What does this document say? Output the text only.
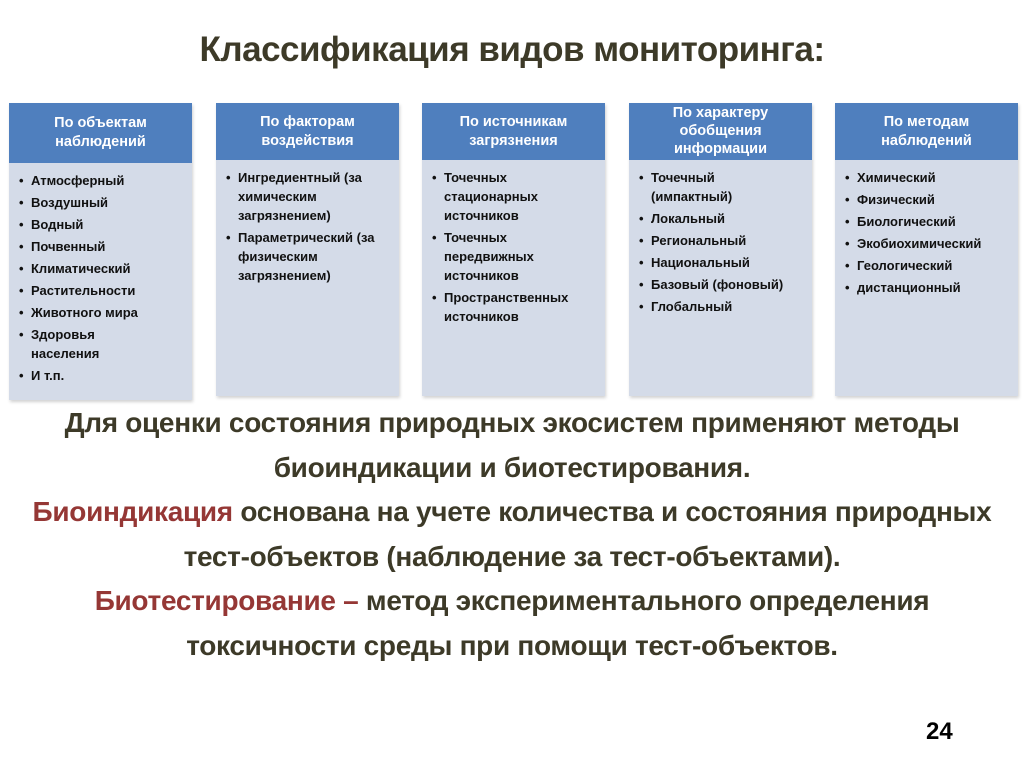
Классификация видов мониторинга:
По объектам наблюдений
• Атмосферный
• Воздушный
• Водный
• Почвенный
• Климатический
• Растительности
• Животного мира
• Здоровья населения
• И т.п.
По факторам воздействия
• Ингредиентный (за химическим загрязнением)
• Параметрический (за физическим загрязнением)
По источникам загрязнения
• Точечных стационарных источников
• Точечных передвижных источников
• Пространственных источников
По характеру обобщения информации
• Точечный (импактный)
• Локальный
• Региональный
• Национальный
• Базовый (фоновый)
• Глобальный
По методам наблюдений
• Химический
• Физический
• Биологический
• Экобиохимический
• Геологический
• дистанционный

Для оценки состояния природных экосистем применяют методы биоиндикации и биотестирования.

Биоиндикация основана на учете количества и состояния природных тест-объектов (наблюдение за тест-объектами).

Биотестирование – метод экспериментального определения токсичности среды при помощи тест-объектов.

24
